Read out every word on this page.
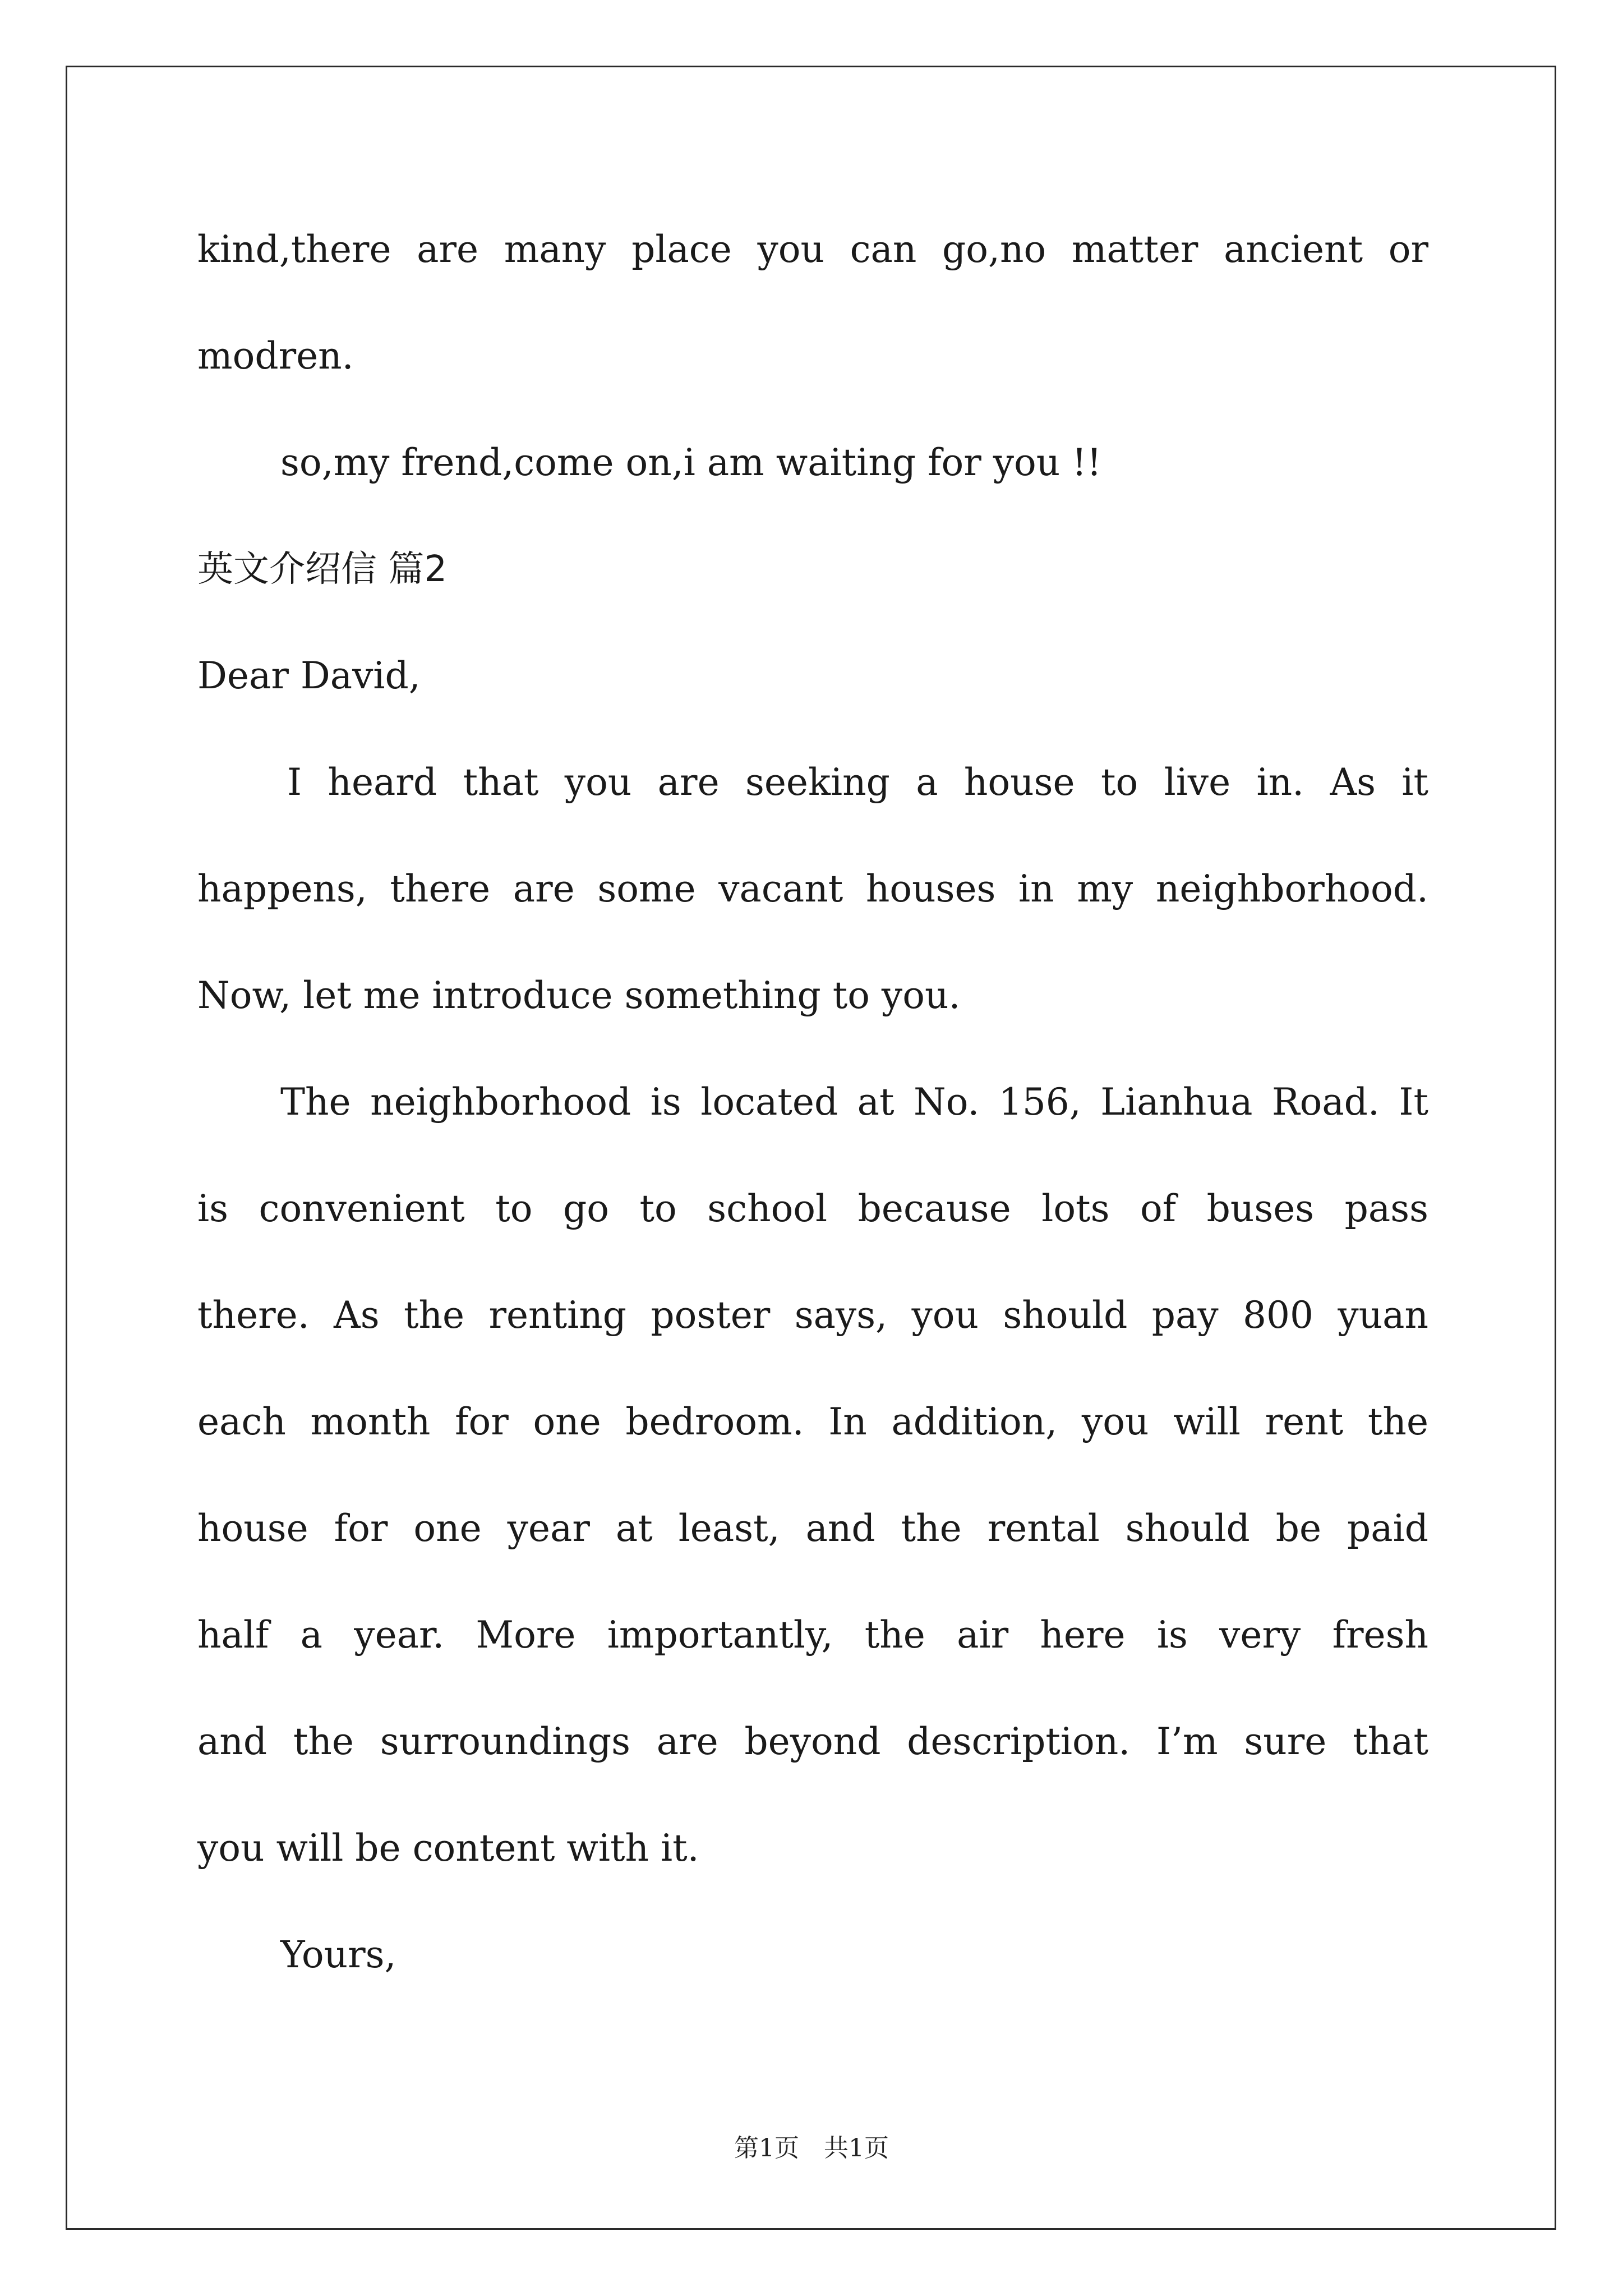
kind,there are many place you can go,no matter ancient or

modren.

so,my frend,come on,i am waiting for you !!

英文介绍信 篇2

Dear David,

I heard that you are seeking a house to live in. As it

happens, there are some vacant houses in my neighborhood.

Now, let me introduce something to you.

The neighborhood is located at No. 156, Lianhua Road. It

is convenient to go to school because lots of buses pass

there. As the renting poster says, you should pay 800 yuan

each month for one bedroom. In addition, you will rent the

house for one year at least, and the rental should be paid

half a year. More importantly, the air here is very fresh

and the surroundings are beyond description. I’m sure that

you will be content with it.

Yours,

第1页　共1页
